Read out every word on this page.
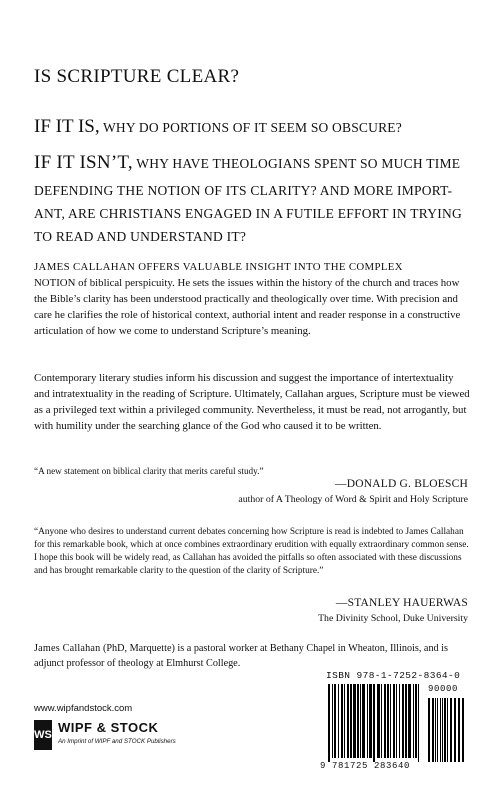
IS SCRIPTURE CLEAR?
IF IT IS, WHY DO PORTIONS OF IT SEEM SO OBSCURE?
IF IT ISN’T, WHY HAVE THEOLOGIANS SPENT SO MUCH TIME
DEFENDING THE NOTION OF ITS CLARITY? AND MORE IMPORT-
ANT, ARE CHRISTIANS ENGAGED IN A FUTILE EFFORT IN TRYING
TO READ AND UNDERSTAND IT?
JAMES CALLAHAN OFFERS VALUABLE INSIGHT INTO THE COMPLEX
NOTION of biblical perspicuity. He sets the issues within the history of the church and traces how the Bible’s clarity has been understood practically and theologically over time. With precision and care he clarifies the role of historical context, authorial intent and reader response in a constructive articulation of how we come to understand Scripture’s meaning.
Contemporary literary studies inform his discussion and suggest the importance of intertextuality and intratextuality in the reading of Scripture. Ultimately, Callahan argues, Scripture must be viewed as a privileged text within a privileged community. Nevertheless, it must be read, not arrogantly, but with humility under the searching glance of the God who caused it to be written.
“A new statement on biblical clarity that merits careful study.”
—DONALD G. BLOESCH
author of A Theology of Word & Spirit and Holy Scripture
“Anyone who desires to understand current debates concerning how Scripture is read is indebted to James Callahan for this remarkable book, which at once combines extraordinary erudition with equally extraordinary common sense. I hope this book will be widely read, as Callahan has avoided the pitfalls so often associated with these discussions and has brought remarkable clarity to the question of the clarity of Scripture.”
—STANLEY HAUERWAS
The Divinity School, Duke University
James Callahan (PhD, Marquette) is a pastoral worker at Bethany Chapel in Wheaton, Illinois, and is adjunct professor of theology at Elmhurst College.
www.wipfandstock.com
WS WIPF & STOCK
An Imprint of WIPF and STOCK Publishers
ISBN 978-1-7252-8364-0
90000
9 781725 283640
